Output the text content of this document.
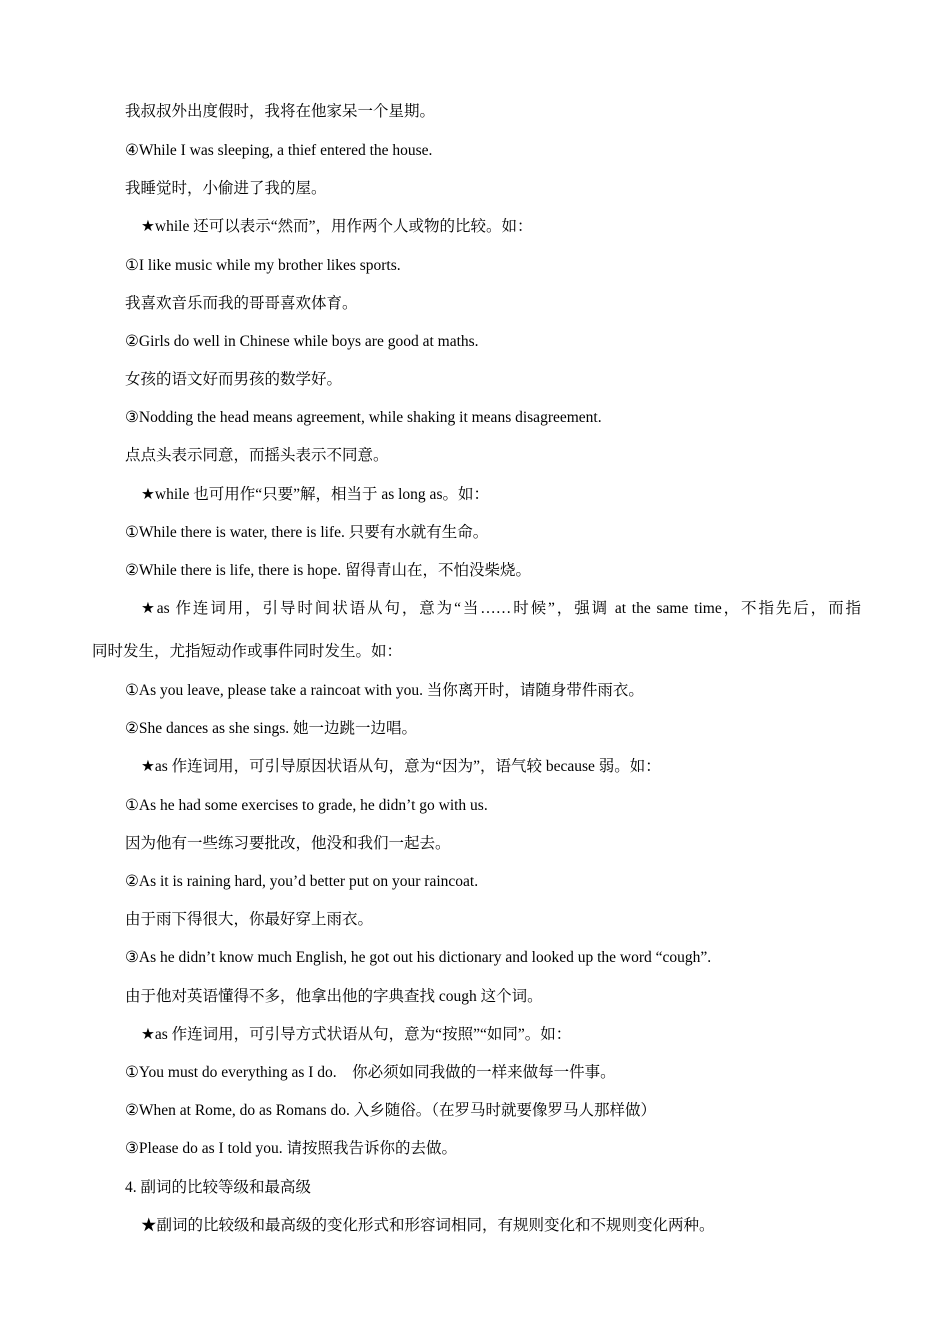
我叔叔外出度假时，我将在他家呆一个星期。
④While I was sleeping, a thief entered the house.
我睡觉时，小偷进了我的屋。
★while 还可以表示“然而”，用作两个人或物的比较。如：
①I like music while my brother likes sports.
我喜欢音乐而我的哥哥喜欢体育。
②Girls do well in Chinese while boys are good at maths.
女孩的语文好而男孩的数学好。
③Nodding the head means agreement, while shaking it means disagreement.
点点头表示同意，而摇头表示不同意。
★while 也可用作“只要”解，相当于 as long as。如：
①While there is water, there is life. 只要有水就有生命。
②While there is life, there is hope. 留得青山在，不怕没柴烧。
★as 作连词用，引导时间状语从句，意为“当……时候”，强调 at the same time，不指先后，而指
同时发生，尤指短动作或事件同时发生。如：
①As you leave, please take a raincoat with you. 当你离开时，请随身带件雨衣。
②She dances as she sings. 她一边跳一边唱。
★as 作连词用，可引导原因状语从句，意为“因为”，语气较 because 弱。如：
①As he had some exercises to grade, he didn’t go with us.
因为他有一些练习要批改，他没和我们一起去。
②As it is raining hard, you’d better put on your raincoat.
由于雨下得很大，你最好穿上雨衣。
③As he didn’t know much English, he got out his dictionary and looked up the word “cough”.
由于他对英语懂得不多，他拿出他的字典查找 cough 这个词。
★as 作连词用，可引导方式状语从句，意为“按照”“如同”。如：
①You must do everything as I do.　你必须如同我做的一样来做每一件事。
②When at Rome, do as Romans do. 入乡随俗。（在罗马时就要像罗马人那样做）
③Please do as I told you. 请按照我告诉你的去做。
4. 副词的比较等级和最高级
★副词的比较级和最高级的变化形式和形容词相同，有规则变化和不规则变化两种。
